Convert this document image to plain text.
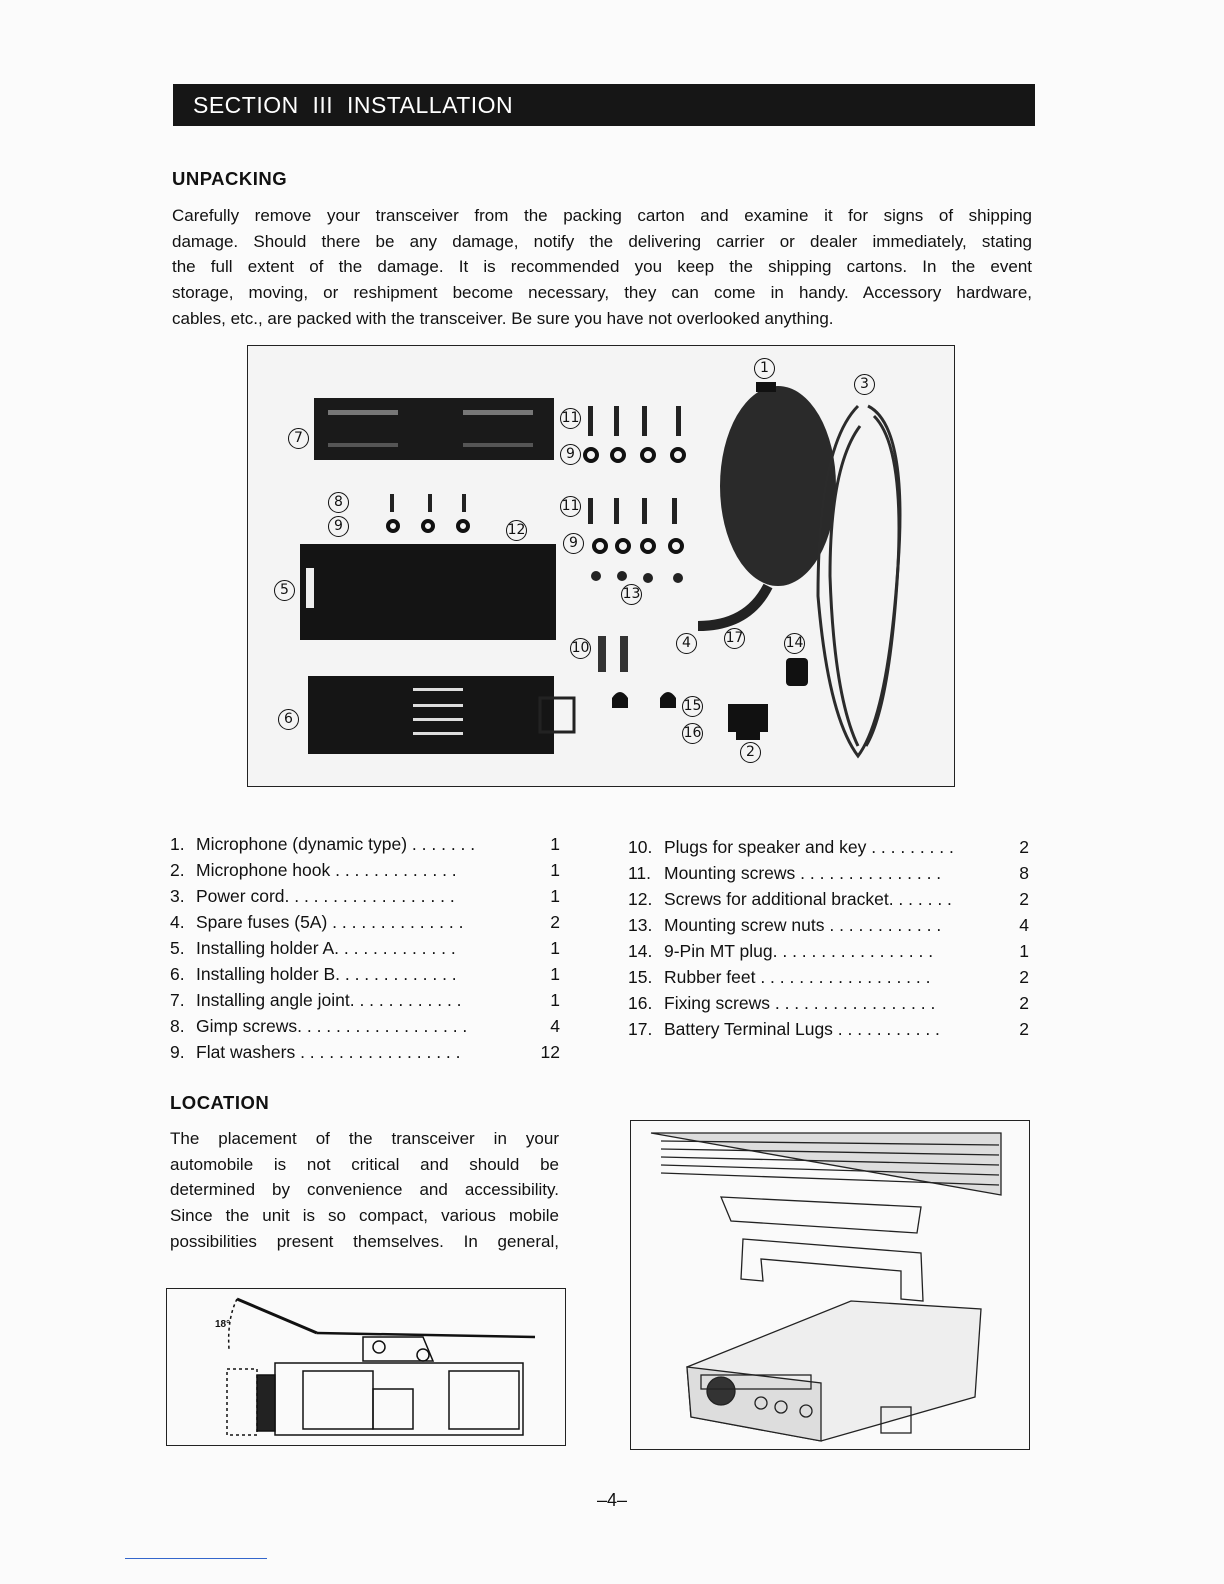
SECTION  III  INSTALLATION
UNPACKING
Carefully remove your transceiver from the packing carton and examine it for signs of shipping
damage. Should there be any damage, notify the delivering carrier or dealer immediately, stating
the full extent of the damage. It is recommended you keep the shipping cartons. In the event
storage, moving, or reshipment become necessary, they can come in handy. Accessory hardware,
cables, etc., are packed with the transceiver. Be sure you have not overlooked anything.
1
3
7
11
9
8
9	12
11
9
5	13
10	4	17	14
6
15
16
2
1. Microphone (dynamic type) . . . . . . .	1
2. Microphone hook . . . . . . . . . . . . .	1
3. Power cord. . . . . . . . . . . . . . . . . .	1
4. Spare fuses (5A) . . . . . . . . . . . . . .	2
5. Installing holder A. . . . . . . . . . . . .	1
6. Installing holder B. . . . . . . . . . . . .	1
7. Installing angle joint. . . . . . . . . . . .	1
8. Gimp screws. . . . . . . . . . . . . . . . . .	4
9. Flat washers . . . . . . . . . . . . . . . . .	12
10. Plugs for speaker and key . . . . . . . . .	2
11. Mounting screws . . . . . . . . . . . . . . .	8
12. Screws for additional bracket. . . . . . .	2
13. Mounting screw nuts . . . . . . . . . . . .	4
14. 9-Pin MT plug. . . . . . . . . . . . . . . . .	1
15. Rubber feet . . . . . . . . . . . . . . . . . .	2
16. Fixing screws . . . . . . . . . . . . . . . . .	2
17. Battery Terminal Lugs . . . . . . . . . . .	2
LOCATION
The placement of the transceiver in your
automobile is not critical and should be
determined by convenience and accessibility.
Since the unit is so compact, various mobile
possibilities present themselves. In general,
18°
–4–
